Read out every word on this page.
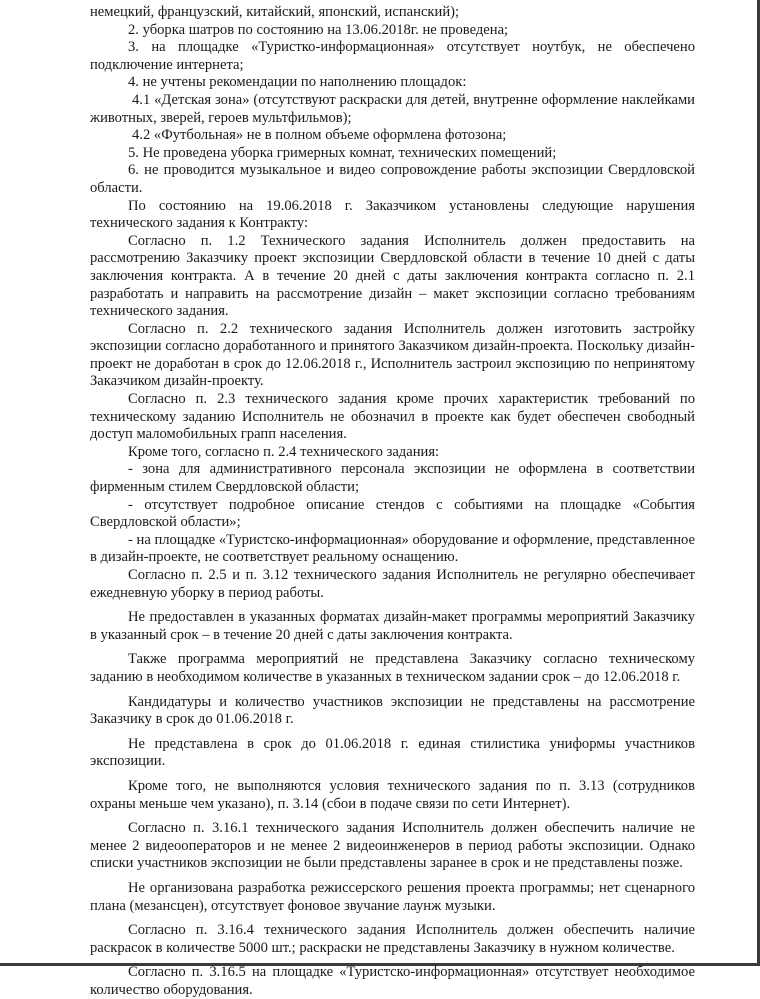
немецкий, французский, китайский, японский, испанский);

2. уборка шатров по состоянию на 13.06.2018г. не проведена;

3. на площадке «Туристко-информационная» отсутствует ноутбук, не обеспечено подключение интернета;

4. не учтены рекомендации по наполнению площадок:

4.1 «Детская зона» (отсутствуют раскраски для детей, внутренне оформление наклейками животных, зверей, героев мультфильмов);

4.2 «Футбольная» не в полном объеме оформлена фотозона;

5. Не проведена уборка гримерных комнат, технических помещений;

6. не проводится музыкальное и видео сопровождение работы экспозиции Свердловской области.

По состоянию на 19.06.2018 г. Заказчиком установлены следующие нарушения технического задания к Контракту:

Согласно п. 1.2 Технического задания Исполнитель должен предоставить на рассмотрению Заказчику проект экспозиции Свердловской области в течение 10 дней с даты заключения контракта. А в течение 20 дней с даты заключения контракта согласно п. 2.1 разработать и направить на рассмотрение дизайн – макет экспозиции согласно требованиям технического задания.

Согласно п. 2.2 технического задания Исполнитель должен изготовить застройку экспозиции согласно доработанного и принятого Заказчиком дизайн-проекта. Поскольку дизайн-проект не доработан в срок до 12.06.2018 г., Исполнитель застроил экспозицию по непринятому Заказчиком дизайн-проекту.

Согласно п. 2.3 технического задания кроме прочих характеристик требований по техническому заданию Исполнитель не обозначил в проекте как будет обеспечен свободный доступ маломобильных грапп населения.

Кроме того, согласно п. 2.4 технического задания:

- зона для административного персонала экспозиции не оформлена в соответствии фирменным стилем Свердловской области;

- отсутствует подробное описание стендов с событиями на площадке «События Свердловской области»;

- на площадке «Туристско-информационная» оборудование и оформление, представленное в дизайн-проекте, не соответствует реальному оснащению.

Согласно п. 2.5 и п. 3.12 технического задания Исполнитель не регулярно обеспечивает ежедневную уборку в период работы.

Не предоставлен в указанных форматах дизайн-макет программы мероприятий Заказчику в указанный срок – в течение 20 дней с даты заключения контракта.

Также программа мероприятий не представлена Заказчику согласно техническому заданию в необходимом количестве в указанных в техническом задании срок – до 12.06.2018 г.

Кандидатуры и количество участников экспозиции не представлены на рассмотрение Заказчику в срок до 01.06.2018 г.

Не представлена в срок до 01.06.2018 г. единая стилистика униформы участников экспозиции.

Кроме того, не выполняются условия технического задания по п. 3.13 (сотрудников охраны меньше чем указано), п. 3.14 (сбои в подаче связи по сети Интернет).

Согласно п. 3.16.1 технического задания Исполнитель должен обеспечить наличие не менее 2 видеооператоров и не менее 2 видеоинженеров в период работы экспозиции. Однако списки участников экспозиции не были представлены заранее в срок и не представлены позже.

Не организована разработка режиссерского решения проекта программы; нет сценарного плана (мезансцен), отсутствует фоновое звучание лаунж музыки.

Согласно п. 3.16.4 технического задания Исполнитель должен обеспечить наличие раскрасок в количестве 5000 шт.; раскраски не представлены Заказчику в нужном количестве.

Согласно п. 3.16.5 на площадке «Туристско-информационная» отсутствует необходимое количество оборудования.
